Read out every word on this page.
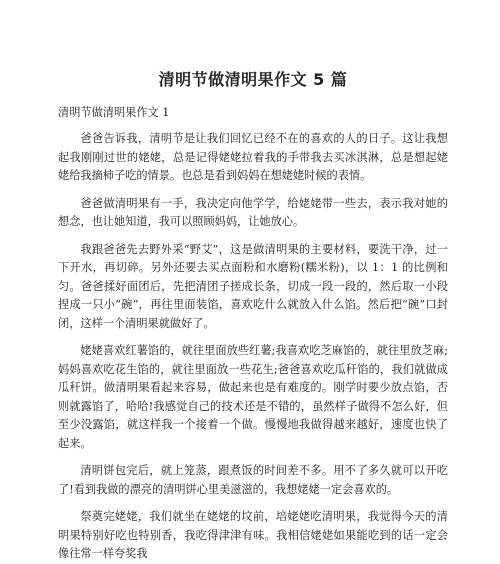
清明节做清明果作文 5 篇
清明节做清明果作文 1

爸爸告诉我，清明节是让我们回忆已经不在的喜欢的人的日子。这让我想起我刚刚过世的姥姥，总是记得姥姥拉着我的手带我去买冰淇淋，总是想起姥姥给我摘柿子吃的情景。也总是看到妈妈在想姥姥时候的表情。

爸爸做清明果有一手，我决定向他学学，给姥姥带一些去，表示我对她的想念，也让她知道，我可以照顾妈妈，让她放心。

我跟爸爸先去野外采“野艾”，这是做清明果的主要材料，要洗干净，过一下开水，再切碎。另外还要去买点面粉和水磨粉(糯米粉)，以 1：1 的比例和匀。爸爸揉好面团后，先把清团子搓成长条，切成一段一段的，然后取一小段捏成一只小“碗”，再往里面装馅，喜欢吃什么就放入什么馅。然后把“碗”口封闭，这样一个清明果就做好了。

姥姥喜欢红薯馅的，就往里面放些红薯;我喜欢吃芝麻馅的，就往里放芝麻;妈妈喜欢吃花生馅的，就往里面放一些花生;爸爸喜欢吃瓜秆馅的，我们就做成瓜秆饼。做清明果看起来容易，做起来也是有难度的。刚学时要少放点馅，否则就露馅了，哈哈!我感觉自己的技术还是不错的，虽然样子做得不怎么好，但至少没露馅，就这样我一个接着一个做。慢慢地我做得越来越好，速度也快了起来。

清明饼包完后，就上笼蒸，跟煮饭的时间差不多。用不了多久就可以开吃了!看到我做的漂亮的清明饼心里美滋滋的，我想姥姥一定会喜欢的。

祭奠完姥姥，我们就坐在姥姥的坟前，培姥姥吃清明果，我觉得今天的清明果特别好吃也特别香，我吃得津津有味。我相信姥姥如果能吃到的话一定会像往常一样夸奖我
